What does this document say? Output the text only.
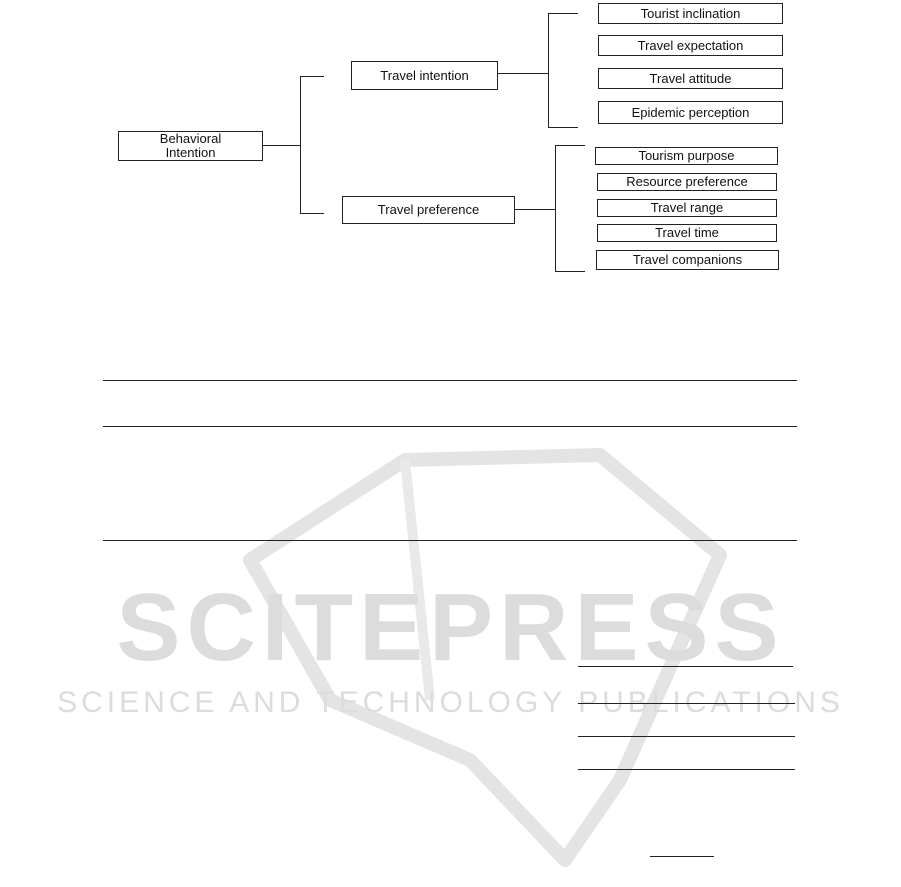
SCITEPRESS
SCIENCE AND TECHNOLOGY PUBLICATIONS
Behavioral
Intention
Travel intention
Tourist inclination
Travel expectation
Travel attitude
Epidemic perception
Travel preference
Tourism purpose
Resource preference
Travel range
Travel time
Travel companions
